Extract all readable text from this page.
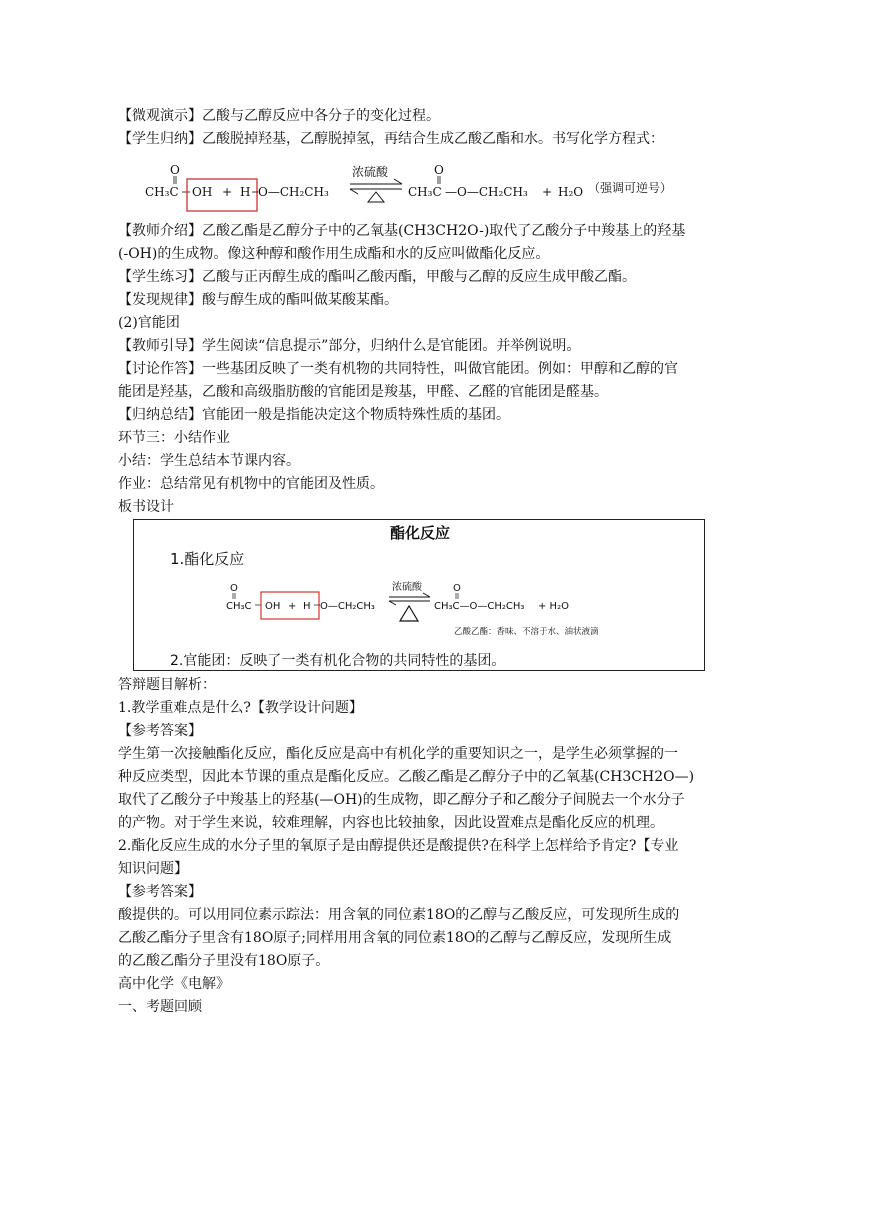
【微观演示】乙酸与乙醇反应中各分子的变化过程。
【学生归纳】乙酸脱掉羟基，乙醇脱掉氢，再结合生成乙酸乙酯和水。书写化学方程式：
O
CH₃C OH + H O—CH₂CH₃
浓硫酸	O
CH₃C —O—CH₂CH₃ + H₂O （强调可逆号）
【教师介绍】乙酸乙酯是乙醇分子中的乙氧基(CH3CH2O-)取代了乙酸分子中羧基上的羟基
(-OH)的生成物。像这种醇和酸作用生成酯和水的反应叫做酯化反应。
【学生练习】乙酸与正丙醇生成的酯叫乙酸丙酯，甲酸与乙醇的反应生成甲酸乙酯。
【发现规律】酸与醇生成的酯叫做某酸某酯。
(2)官能团
【教师引导】学生阅读“信息提示”部分，归纳什么是官能团。并举例说明。
【讨论作答】一些基团反映了一类有机物的共同特性，叫做官能团。例如：甲醇和乙醇的官
能团是羟基，乙酸和高级脂肪酸的官能团是羧基，甲醛、乙醛的官能团是醛基。
【归纳总结】官能团一般是指能决定这个物质特殊性质的基团。
环节三：小结作业
小结：学生总结本节课内容。
作业：总结常见有机物中的官能团及性质。
板书设计
酯化反应
1.酯化反应
O
CH₃C OH + H O—CH₂CH₃
浓硫酸	O
CH₃C—O—CH₂CH₃ + H₂O
乙酸乙酯：香味、不溶于水、油状液滴
2.官能团：反映了一类有机化合物的共同特性的基团。
答辩题目解析：
1.教学重难点是什么?【教学设计问题】
【参考答案】
学生第一次接触酯化反应，酯化反应是高中有机化学的重要知识之一，是学生必须掌握的一
种反应类型，因此本节课的重点是酯化反应。乙酸乙酯是乙醇分子中的乙氧基(CH3CH2O—)
取代了乙酸分子中羧基上的羟基(—OH)的生成物，即乙醇分子和乙酸分子间脱去一个水分子
的产物。对于学生来说，较难理解，内容也比较抽象，因此设置难点是酯化反应的机理。
2.酯化反应生成的水分子里的氧原子是由醇提供还是酸提供?在科学上怎样给予肯定?【专业
知识问题】
【参考答案】
酸提供的。可以用同位素示踪法：用含氧的同位素18O的乙醇与乙酸反应，可发现所生成的
乙酸乙酯分子里含有18O原子;同样用用含氧的同位素18O的乙醇与乙醇反应，发现所生成
的乙酸乙酯分子里没有18O原子。
高中化学《电解》
一、考题回顾
